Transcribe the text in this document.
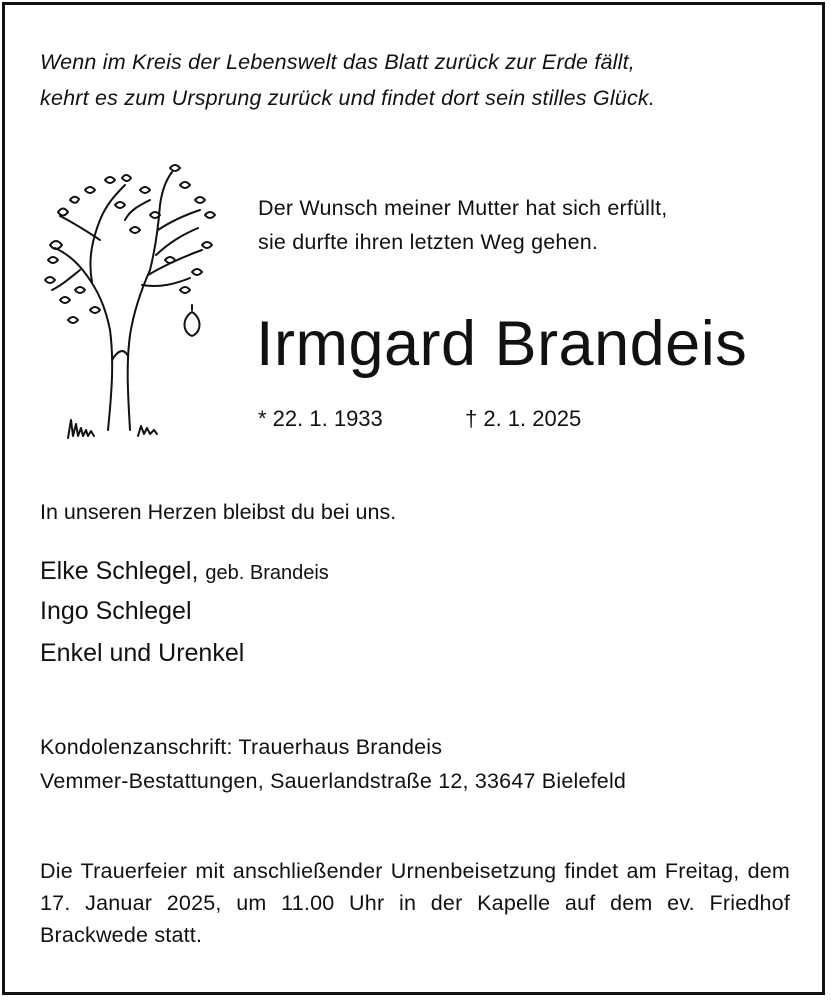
Wenn im Kreis der Lebenswelt das Blatt zurück zur Erde fällt,
kehrt es zum Ursprung zurück und findet dort sein stilles Glück.
Der Wunsch meiner Mutter hat sich erfüllt,
sie durfte ihren letzten Weg gehen.
Irmgard Brandeis
* 22. 1. 1933	† 2. 1. 2025
In unseren Herzen bleibst du bei uns.
Elke Schlegel, geb. Brandeis
Ingo Schlegel
Enkel und Urenkel
Kondolenzanschrift: Trauerhaus Brandeis
Vemmer-Bestattungen, Sauerlandstraße 12, 33647 Bielefeld
Die Trauerfeier mit anschließender Urnenbeisetzung findet am Freitag, dem 17. Januar 2025, um 11.00 Uhr in der Kapelle auf dem ev. Friedhof Brackwede statt.
